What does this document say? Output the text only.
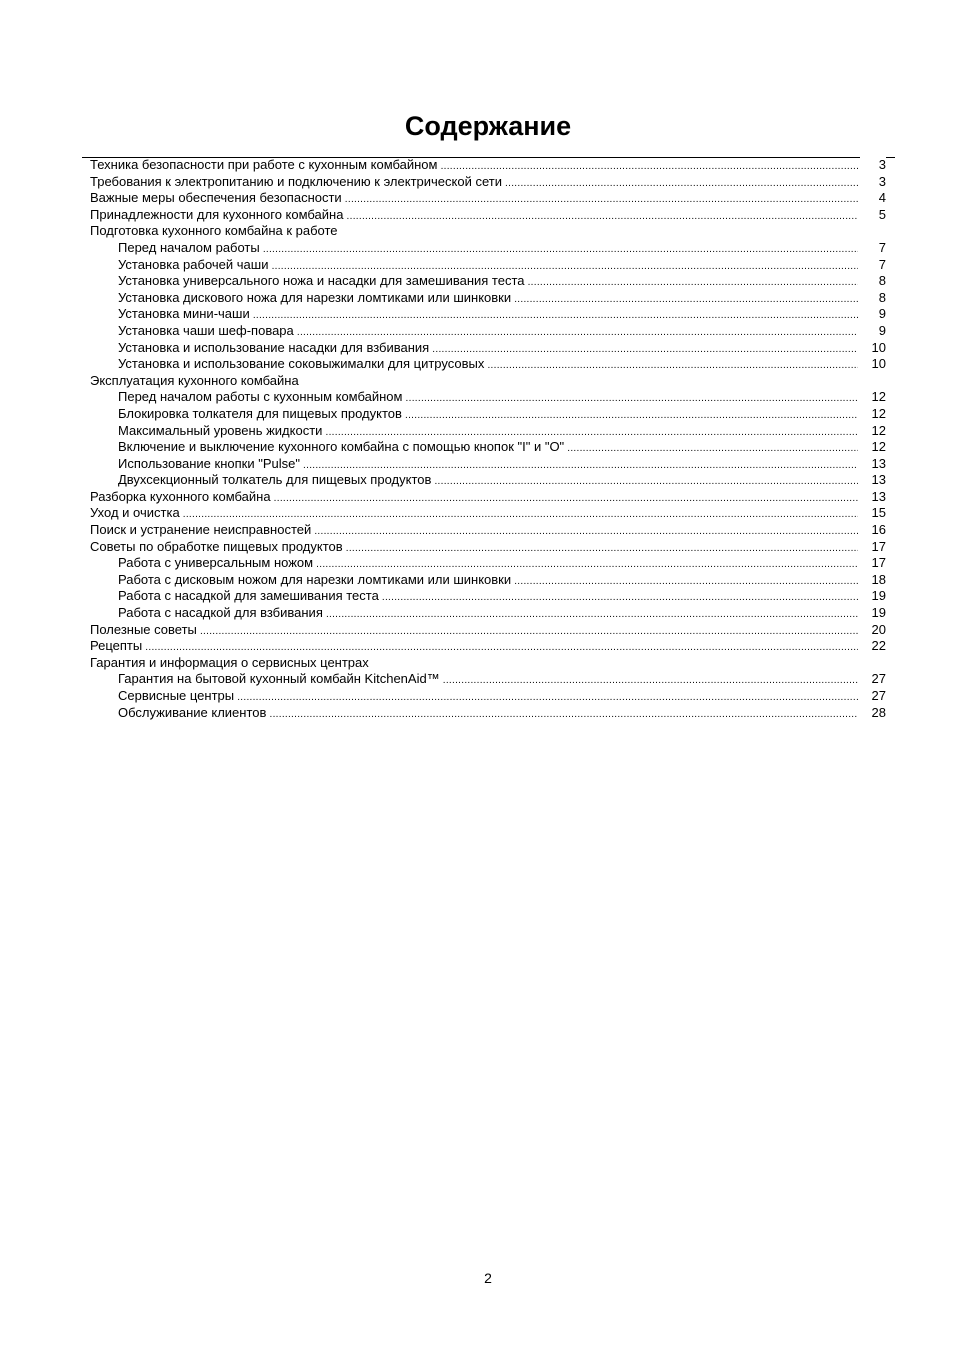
Содержание
Техника безопасности при работе с кухонным комбайном .....	3
Требования к электропитанию и подключению к электрической сети .....	3
Важные меры обеспечения безопасности .....	4
Принадлежности для кухонного комбайна .....	5
Подготовка кухонного комбайна к работе
Перед началом работы .....	7
Установка рабочей чаши .....	7
Установка универсального ножа и насадки для замешивания теста .....	8
Установка дискового ножа для нарезки ломтиками или шинковки .....	8
Установка мини-чаши .....	9
Установка чаши шеф-повара .....	9
Установка и использование насадки для взбивания .....	10
Установка и использование соковыжималки для цитрусовых .....	10
Эксплуатация кухонного комбайна
Перед началом работы с кухонным комбайном .....	12
Блокировка толкателя для пищевых продуктов .....	12
Максимальный уровень жидкости .....	12
Включение и выключение кухонного комбайна с помощью кнопок "I" и "O" .....	12
Использование кнопки "Pulse" .....	13
Двухсекционный толкатель для пищевых продуктов .....	13
Разборка кухонного комбайна .....	13
Уход и очистка .....	15
Поиск и устранение неисправностей .....	16
Советы по обработке пищевых продуктов .....	17
Работа с универсальным ножом .....	17
Работа с дисковым ножом для нарезки ломтиками или шинковки .....	18
Работа с насадкой для замешивания теста .....	19
Работа с насадкой для взбивания .....	19
Полезные советы .....	20
Рецепты .....	22
Гарантия и информация о сервисных центрах
Гарантия на бытовой кухонный комбайн KitchenAid™ .....	27
Сервисные центры .....	27
Обслуживание клиентов .....	28
2
